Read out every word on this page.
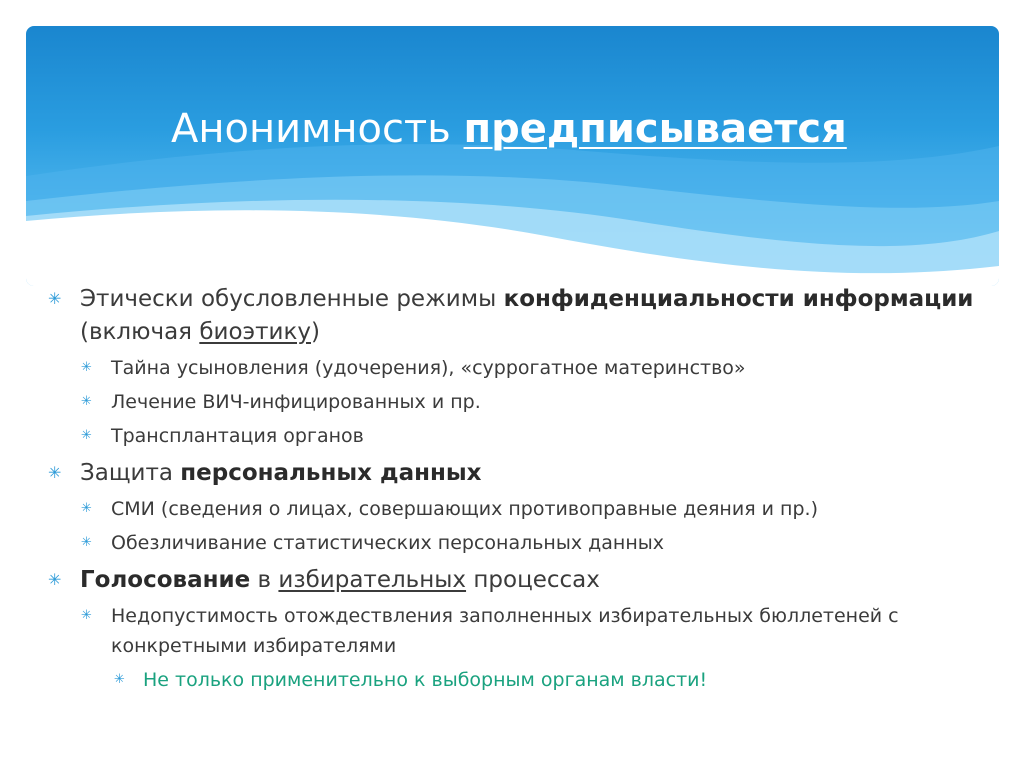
Анонимность предписывается
✳ Этически обусловленные режимы конфиденциальности информации (включая биоэтику)
✳ Тайна усыновления (удочерения), «суррогатное материнство»
✳ Лечение ВИЧ-инфицированных и пр.
✳ Трансплантация органов
✳ Защита персональных данных
✳ СМИ (сведения о лицах, совершающих противоправные деяния и пр.)
✳ Обезличивание статистических персональных данных
✳ Голосование в избирательных процессах
✳ Недопустимость отождествления заполненных избирательных бюллетеней с конкретными избирателями
✳ Не только применительно к выборным органам власти!
